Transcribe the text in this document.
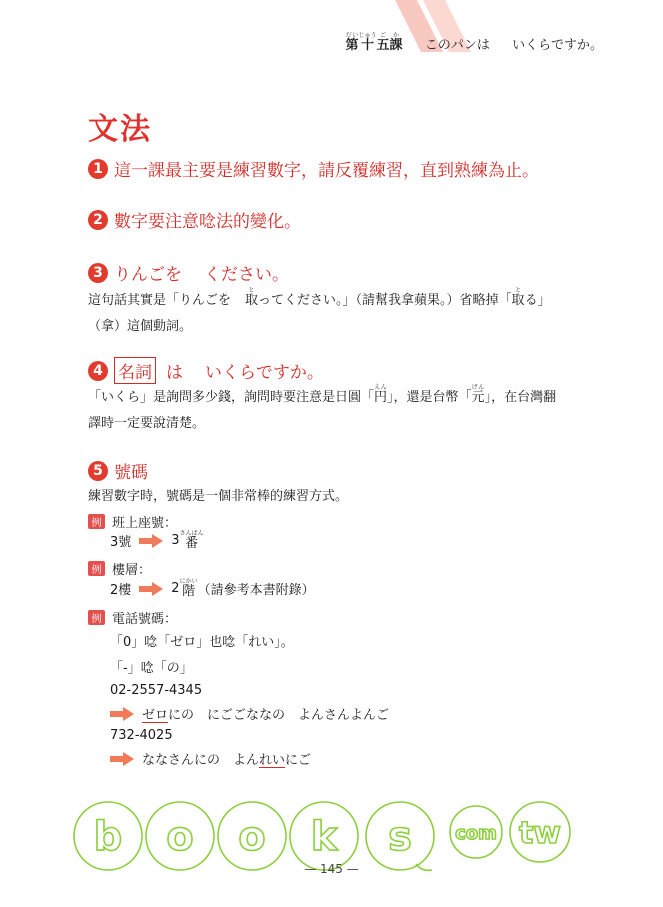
第だい十じゅう五ご課か  このパンは いくらですか。
文法
1 這一課最主要是練習數字，請反覆練習，直到熟練為止。
2 數字要注意唸法的變化。
3 りんごを ください。
這句話其實是「りんごを 取とってください。」（請幫我拿蘋果。）省略掉「取とる」
（拿）這個動詞。
4 名詞 は いくらですか。
「いくら」是詢問多少錢，詢問時要注意是日圓「円えん」，還是台幣「元げん」，在台灣翻
譯時一定要說清楚。
5 號碼
練習數字時，號碼是一個非常棒的練習方式。
例 班上座號：
3號	3 番さんばん
例 樓層：
2樓	2 階にかい
（請參考本書附錄）
例 電話號碼：
「0」唸「ゼロ」也唸「れい」。
「-」唸「の」
02-2557-4345
ゼロ にの　にごごななの　よんさんよんご
732-4025
ななさんにの　よん れい にご
b o o k s com tw
— 145 —
